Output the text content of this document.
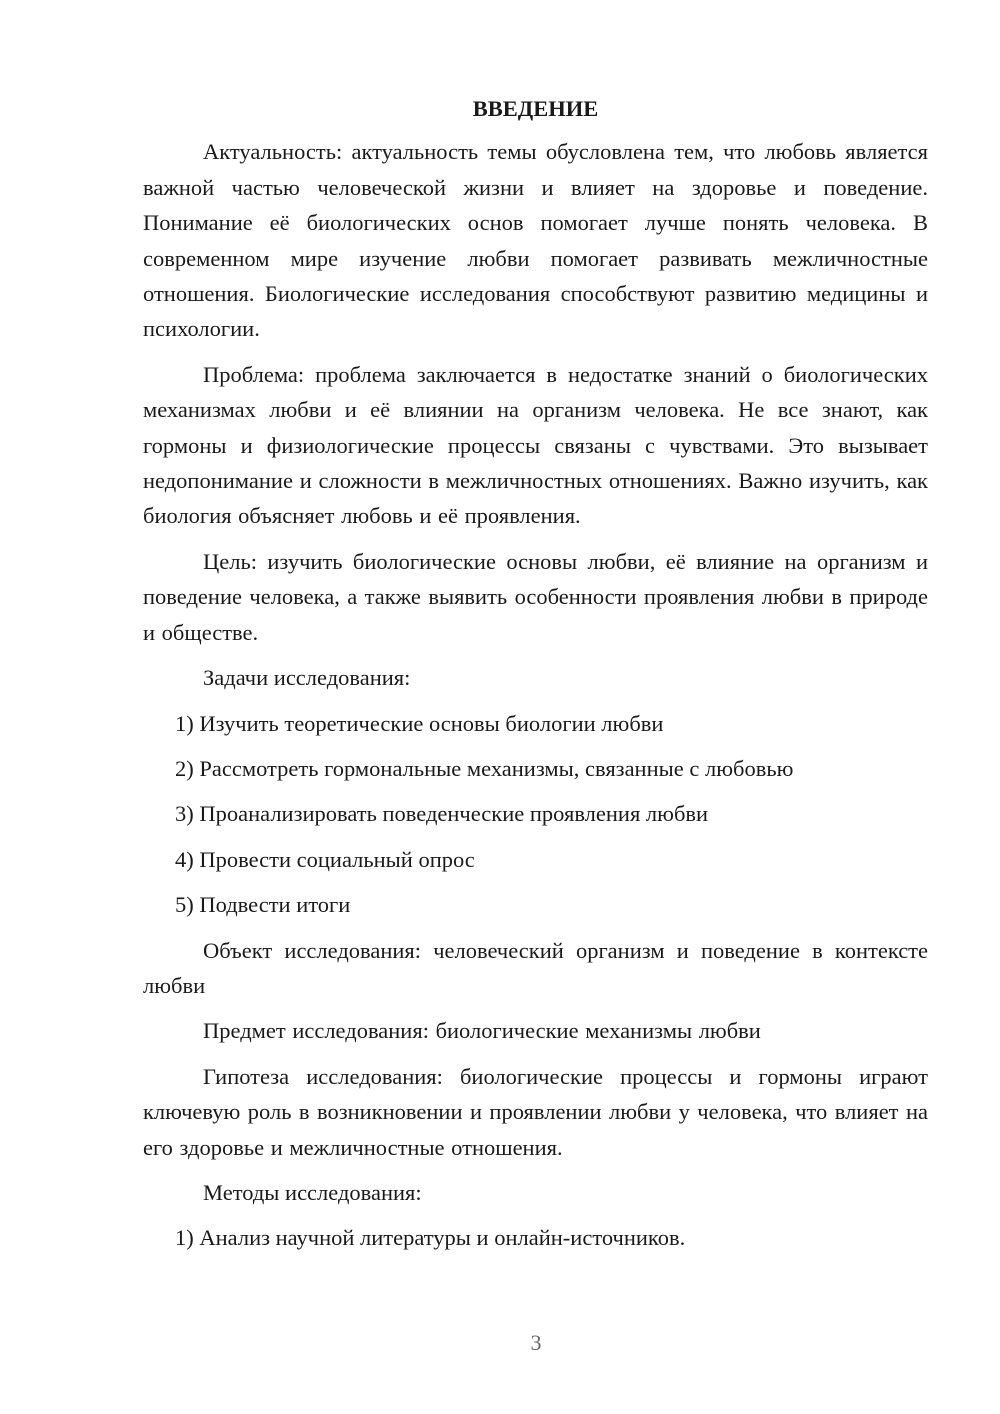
ВВЕДЕНИЕ

Актуальность: актуальность темы обусловлена тем, что любовь является важной частью человеческой жизни и влияет на здоровье и поведение. Понимание её биологических основ помогает лучше понять человека. В современном мире изучение любви помогает развивать межличностные отношения. Биологические исследования способствуют развитию медицины и психологии.

Проблема: проблема заключается в недостатке знаний о биологических механизмах любви и её влиянии на организм человека. Не все знают, как гормоны и физиологические процессы связаны с чувствами. Это вызывает недопонимание и сложности в межличностных отношениях. Важно изучить, как биология объясняет любовь и её проявления.

Цель: изучить биологические основы любви, её влияние на организм и поведение человека, а также выявить особенности проявления любви в природе и обществе.

Задачи исследования:

1) Изучить теоретические основы биологии любви

2) Рассмотреть гормональные механизмы, связанные с любовью

3) Проанализировать поведенческие проявления любви

4) Провести социальный опрос

5) Подвести итоги

Объект исследования: человеческий организм и поведение в контексте любви

Предмет исследования: биологические механизмы любви

Гипотеза исследования: биологические процессы и гормоны играют ключевую роль в возникновении и проявлении любви у человека, что влияет на его здоровье и межличностные отношения.

Методы исследования:

1) Анализ научной литературы и онлайн-источников.

3
